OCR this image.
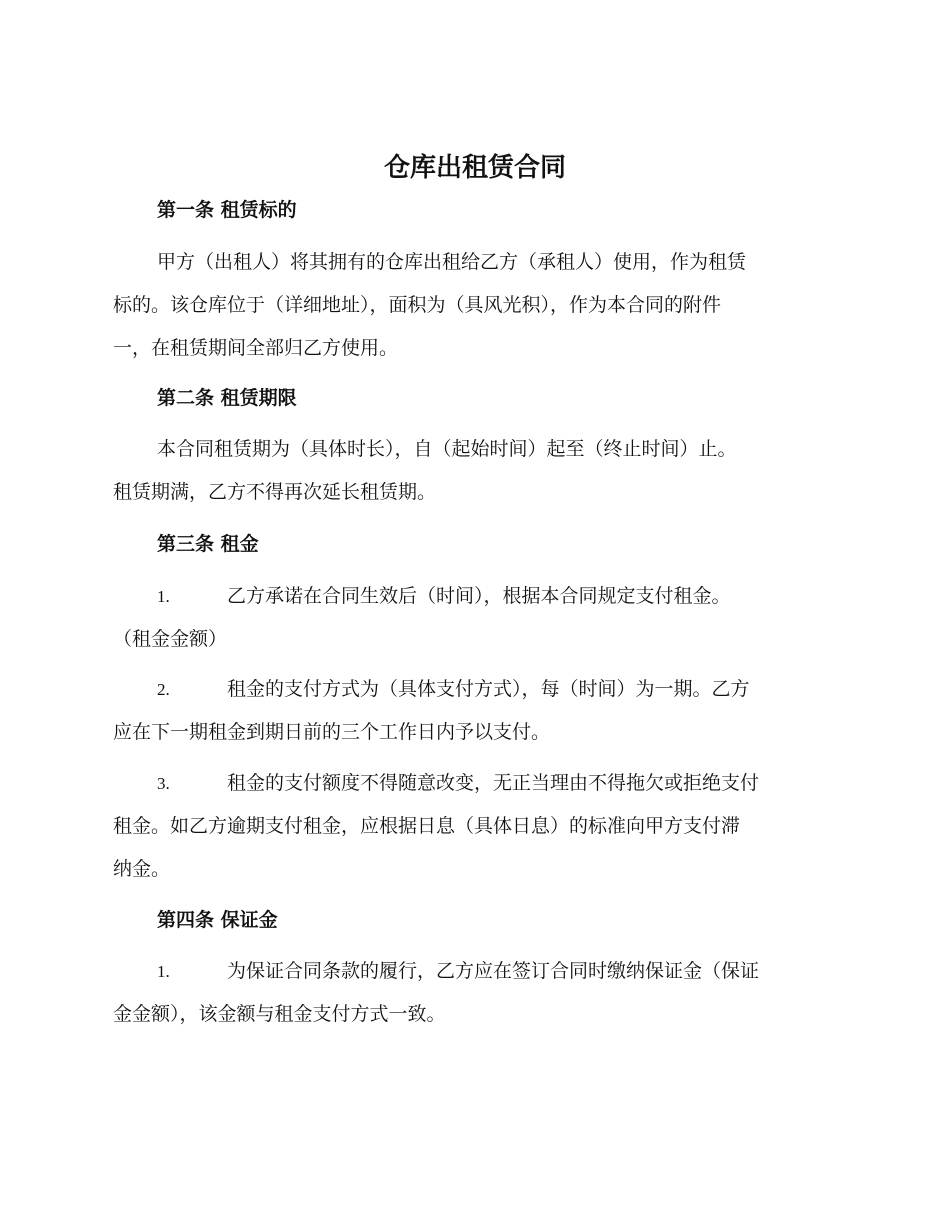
仓库出租赁合同
第一条 租赁标的
甲方（出租人）将其拥有的仓库出租给乙方（承租人）使用，作为租赁
标的。该仓库位于（详细地址），面积为（具风光积），作为本合同的附件
一，在租赁期间全部归乙方使用。
第二条 租赁期限
本合同租赁期为（具体时长），自（起始时间）起至（终止时间）止。
租赁期满，乙方不得再次延长租赁期。
第三条 租金
1.	乙方承诺在合同生效后（时间），根据本合同规定支付租金。
（租金金额）
2.	租金的支付方式为（具体支付方式），每（时间）为一期。乙方
应在下一期租金到期日前的三个工作日内予以支付。
3.	租金的支付额度不得随意改变，无正当理由不得拖欠或拒绝支付
租金。如乙方逾期支付租金，应根据日息（具体日息）的标准向甲方支付滞
纳金。
第四条 保证金
1.	为保证合同条款的履行，乙方应在签订合同时缴纳保证金（保证
金金额），该金额与租金支付方式一致。
